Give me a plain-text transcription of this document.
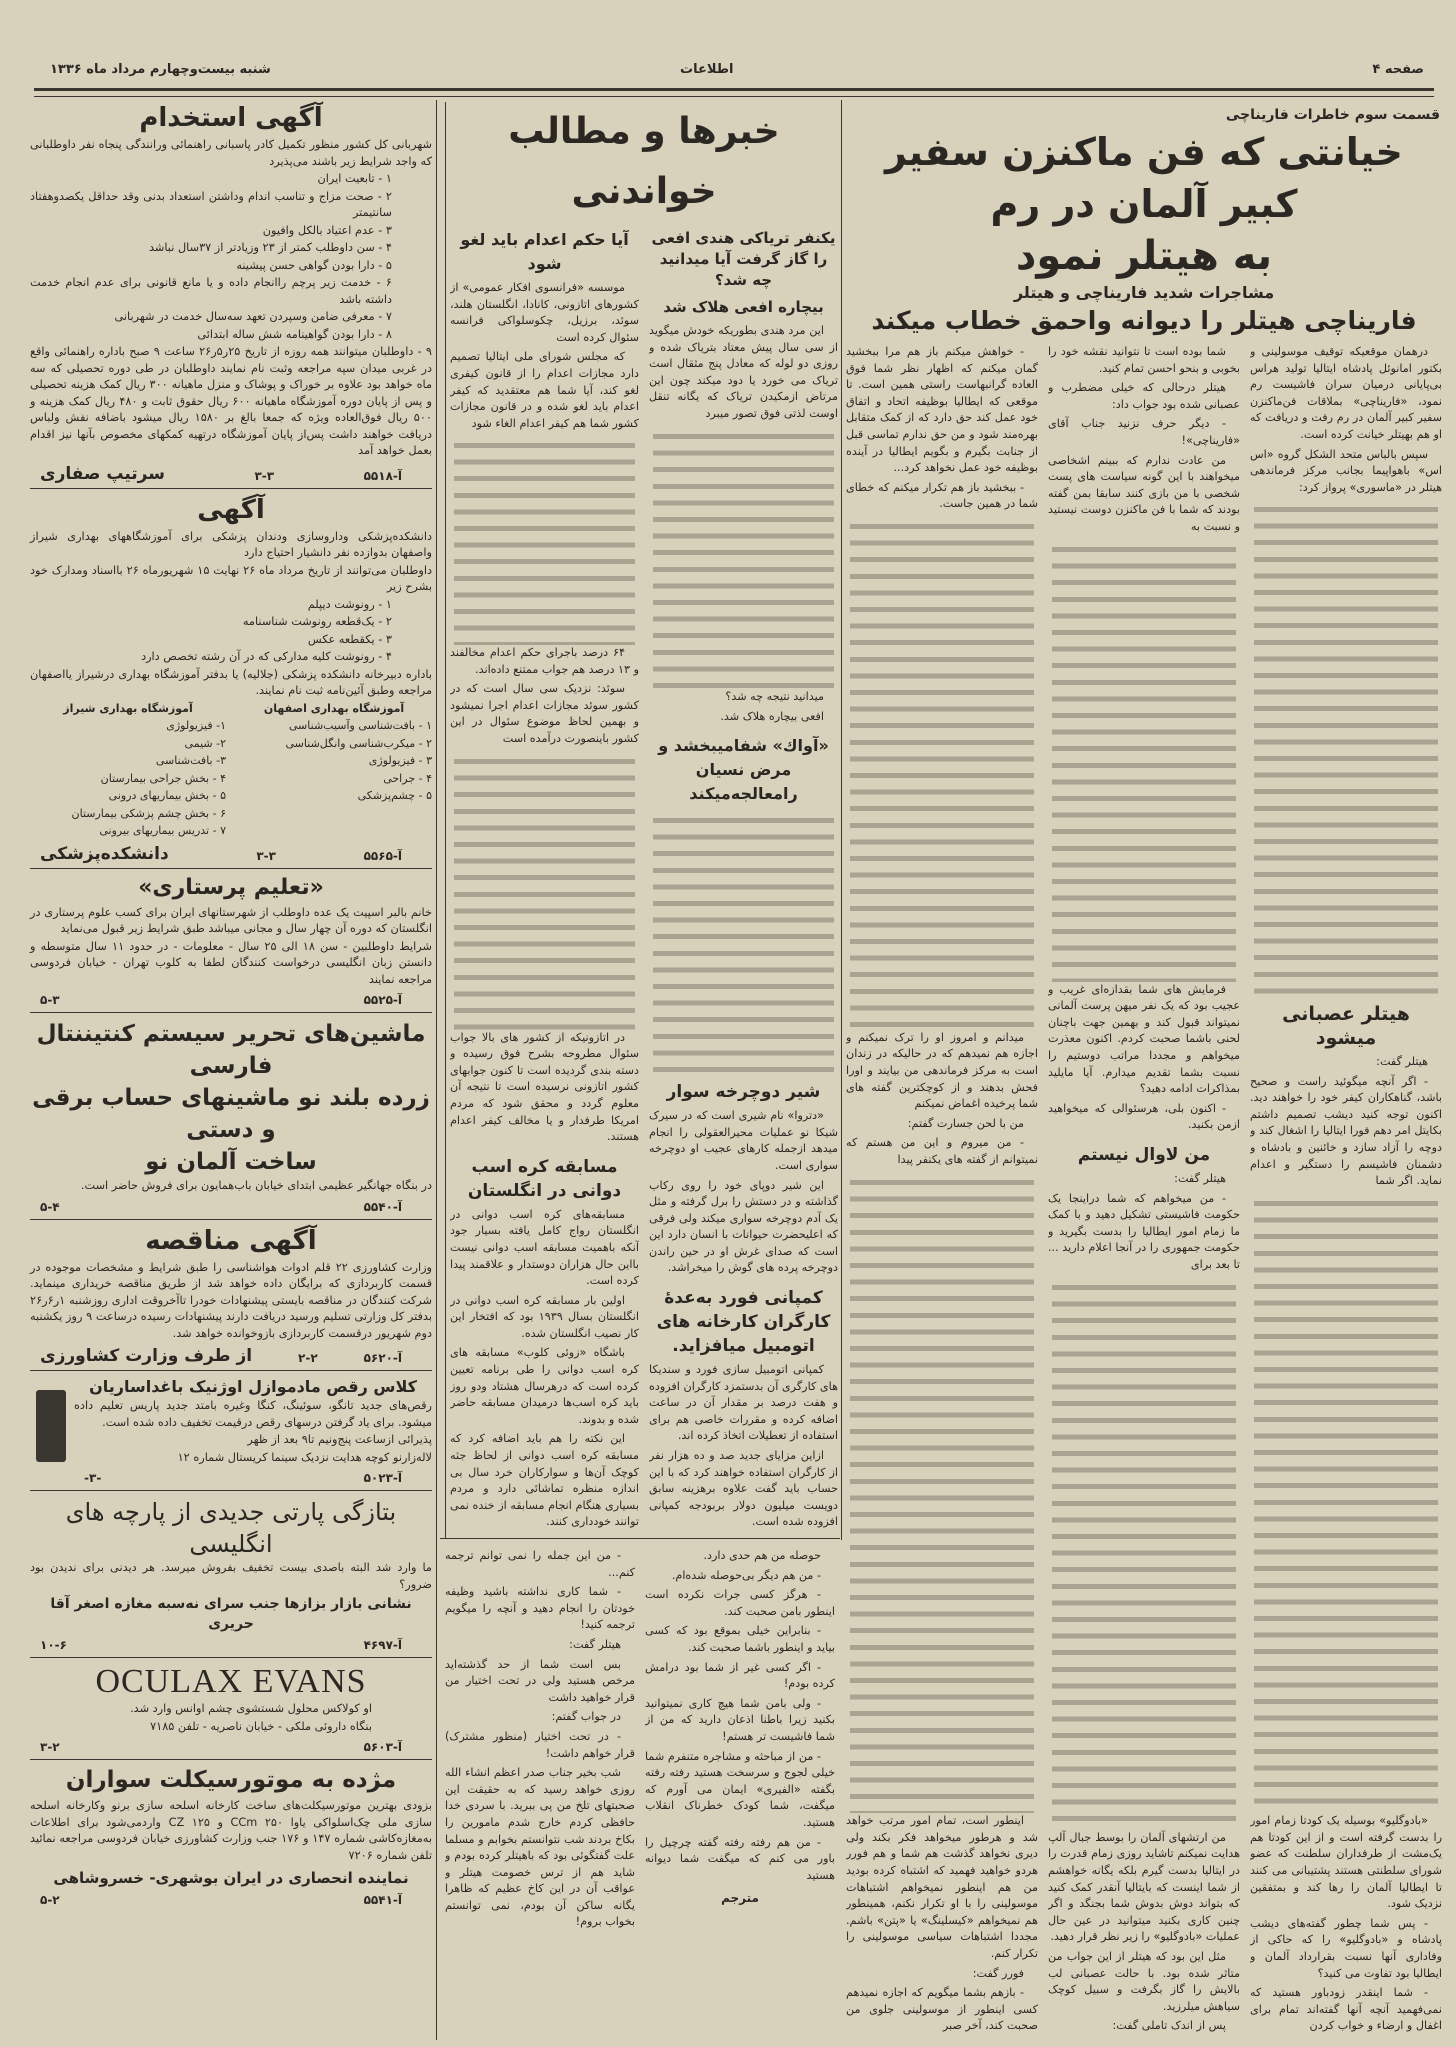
صفحه ۴
اطلاعات
شنبه بیست‌وچهارم مرداد ماه ۱۳۳۶
قسمت سوم خاطرات فاریناچی
خیانتی که فن ماکنزن سفیر کبیر آلمان در رم
به هیتلر نمود
مشاجرات شدید فاریناچی و هیتلر
فاریناچی هیتلر را دیوانه واحمق خطاب میکند

درهمان موقعیکه توقیف موسولینی و بکتور امانوئل پادشاه ایتالیا تولید هراس بی‌پایانی درمیان سران فاشیست رم نمود، «فاریناچی» بملاقات فن‌ماکنزن سفیر کبیر آلمان در رم رفت و دریافت که او هم بهیتلر خیانت کرده است.

سپس بالباس متحد الشکل گروه «اس اس» باهواپیما بجانب مرکز فرماندهی هیتلر در «ماسوری» پرواز کرد:

هیتلر عصبانی میشود

هیتلر گفت:

- اگر آنچه میگوئید راست و صحیح باشد، گناهکاران کیفر خود را خواهند دید. اکنون توجه کنید دیشب تصمیم داشتم بکایتل امر دهم فورا ایتالیا را اشغال کند و دوچه را آزاد سازد و خائنین و بادشاه و دشمنان فاشیسم را دستگیر و اعدام نماید. اگر شما

«بادوگلیو» بوسیله یک کودتا زمام امور را بدست گرفته است و از این کودتا هم یک‌مشت از طرفداران سلطنت که عضو شورای سلطنتی هستند پشتیبانی می کنند تا ایطالیا آلمان را رها کند و بمتفقین نزدیک شود.

- پس شما چطور گفته‌های دیشب پادشاه و «بادوگلیو» را که حاکی از وفاداری آنها نسبت بقرارداد آلمان و ایطالیا بود تفاوت می کنید؟

- شما اینقدر زودباور هستید که نمی‌فهمید آنچه آنها گفته‌اند تمام برای اغفال و ارضاء و خواب کردن

شما بوده است تا نتوانید نقشه خود را بخوبی و بنحو احسن تمام کنید.

هیتلر درحالی که خیلی مضطرب و عصبانی شده بود جواب داد:

- دیگر حرف نزنید جناب آقای «فاریناچی»!

من عادت ندارم که ببینم اشخاصی میخواهند با این گونه سیاست های پست شخصی با من بازی کنند سابقا بمن گفته بودند که شما با فن ماکنزن دوست نیستید و نسبت به

فرمایش های شما بقدازه‌ای غریب و عجیب بود که یک نفر میهن پرست آلمانی نمیتواند قبول کند و بهمین جهت باچنان لحنی باشما صحبت کردم. اکنون معذرت میخواهم و مجددا مراتب دوستیم را نسبت بشما تقدیم میدارم. آیا مایلید بمذاکرات ادامه دهید؟

- اکنون بلی، هرسئوالی که میخواهید ازمن بکنید.

من لاوال نیستم

هیتلر گفت:

- من میخواهم که شما دراینجا یک حکومت فاشیستی تشکیل دهید و با کمک ما زمام امور ایطالیا را بدست بگیرید و حکومت جمهوری را در آنجا اعلام دارید ... تا بعد برای

من ارتشهای آلمان را بوسط جبال آلپ هدایت نمیکنم تاشاید روزی زمام قدرت را در ایتالیا بدست گیرم بلکه یگانه خواهشم از شما اینست که بایتالیا آنقدر کمک کنید که بتواند دوش بدوش شما بجنگد و اگر چنین کاری بکنید میتوانید در عین حال عملیات «بادوگلیو» را زیر نظر قرار دهید.

مثل این بود که هیتلر از این جواب من متاثر شده بود. با حالت عصبانی لب بالایش را گاز بگرفت و سبیل کوچک سیاهش میلرزید.

پس از اندک تاملی گفت:

- خواهش میکنم باز هم مرا ببخشید گمان میکنم که اظهار نظر شما فوق العاده گرانبهاست راستی همین است. تا موقعی که ایطالیا بوظیفه اتحاد و اتفاق خود عمل کند حق دارد که از کمک متقابل بهره‌مند شود و من حق ندارم تماسی قبل از جنابت بگیرم و بگویم ایطالیا در آینده بوظیفه خود عمل نخواهد کرد...

- ببخشید باز هم تکرار میکنم که خطای شما در همین جاست.

میدانم و امروز او را ترک نمیکنم و اجازه هم نمیدهم که در حالیکه در زندان است به مرکز فرماندهی من بیایند و اورا فحش بدهند و از کوچکترین گفته های شما پرخیده اغماض نمیکنم

من با لحن جسارت گفتم:

- من میروم و این من هستم که نمیتوانم از گفته های یکنفر پیدا

اینطور است، تمام امور مرتب خواهد شد و هرطور میخواهد فکر بکند ولی دیری نخواهد گذشت هم شما و هم فورر هردو خواهید فهمید که اشتباه کرده بودید من هم اینطور نمیخواهم اشتباهات موسولینی را با او تکرار نکنم، همینطور هم نمیخواهم «کیسلینگ» یا «پتن» باشم. مجددا اشتباهات سیاسی موسولینی را تکرار کنم.

فورر گفت:

- بازهم بشما میگویم که اجازه نمیدهم کسی اینطور از موسولینی جلوی من صحبت کند، آخر صبر

حوصله من هم حدی دارد.

- من هم دیگر بی‌حوصله شده‌ام.

- هرگز کسی جرات نکرده است اینطور بامن صحبت کند.

- بنابراین خیلی بموقع بود که کسی بیاید و اینطور باشما صحبت کند.

- اگر کسی غیر از شما بود درامش کرده بودم!

- ولی بامن شما هیچ کاری نمیتوانید بکنید زیرا باطنا اذعان دارید که من از شما فاشیست تر هستم!

- من از مباحثه و مشاجره متنفرم شما خیلی لجوج و سرسخت هستید رفته رفته بگفته «الفیری» ایمان می آورم که میگفت، شما کودک خطرناک انقلاب هستید.

- من هم رفته رفته گفته چرچیل را باور می کنم که میگفت شما دیوانه هستید

مترجم

- من این جمله را نمی توانم ترجمه کنم...

- شما کاری نداشته باشید وظیفه خودتان را انجام دهید و آنچه را میگویم ترجمه کنید!

هیتلر گفت:

بس است شما از حد گذشته‌اید مرخص هستید ولی در تحت اختیار من قرار خواهید داشت

در جواب گفتم:

- در تحت اختیار (منظور مشترک) قرار خواهم داشت!

شب بخیر جناب صدر اعظم انشاء الله روزی خواهد رسید که به حقیقت این صحبتهای تلخ من پی ببرید. با سردی خدا حافظی کردم خارج شدم مامورین را بکاخ بردند شب نتوانستم بخوابم و مسلما علت گفتگوئی بود که باهیتلر کرده بودم و شاید هم از ترس خصومت هیتلر و عواقب آن در این کاخ عظیم که ظاهرا یگانه ساکن آن بودم، نمی توانستم بخواب بروم!

خبرها و مطالب خواندنی
یکنفر تریاکی هندی افعی را گاز گرفت آیا میدانید چه شد؟
بیچاره افعی هلاک شد

این مرد هندی بطوریکه خودش میگوید از سی سال پیش معتاد بتریاک شده و روزی دو لوله که معادل پنج مثقال است تریاک می خورد یا دود میکند چون این مرتاض ازمکیدن تریاک که یگانه تنقل اوست لذتی فوق تصور میبرد

میدانید نتیجه چه شد؟

افعی بیچاره هلاک شد.

«آواك» شفامیبخشد و مرض نسیان رامعالجه‌میکند
شیر دوچرخه سوار

«دتروا» نام شیری است که در سیرک شیکا نو عملیات محیرالعقولی را انجام میدهد ازجمله کارهای عجیب او دوچرخه سواری است.

این شیر دوپای خود را روی رکاب گذاشته و در دستش را برل گرفته و مثل یک آدم دوچرخه سواری میکند ولی فرقی که اعلیحضرت حیوانات با انسان دارد این است که صدای غرش او در حین راندن دوچرخه پرده های گوش را میخراشد.

کمپانی فورد به‌عدهٔ کارگران کارخانه های اتومبیل میافزاید.

کمپانی اتومبیل سازی فورد و سندیکا های کارگری آن بدستمزد کارگران افزوده و هفت درصد بر مقدار آن در ساعت اضافه کرده و مقررات خاصی هم برای استفاده از تعطیلات اتخاذ کرده اند.

ازاین مزایای جدید صد و ده هزار نفر از کارگران استفاده خواهند کرد که با این حساب باید گفت علاوه برهزینه سابق دویست میلیون دولار بربودجه کمپانی افزوده شده است.

آیا حکم اعدام باید لغو شود

موسسه «فرانسوی افکار عمومی» از کشورهای اتازونی، کانادا، انگلستان هلند، سوئد، برزیل، چکوسلواکی فرانسه سئوال کرده است

که مجلس شورای ملی ایتالیا تصمیم دارد مجازات اعدام را از قانون کیفری لغو کند، آیا شما هم معتقدید که کیفر اعدام باید لغو شده و در قانون مجازات کشور شما هم کیفر اعدام الغاء شود

۶۴ درصد باجرای حکم اعدام مخالفند و ۱۳ درصد هم جواب ممتنع داده‌اند.

سوئد: نزدیک سی سال است که در کشور سوئد مجازات اعدام اجرا نمیشود و بهمین لحاظ موضوع سئوال در این کشور باینصورت درآمده است

در اتازونیکه از کشور های بالا جواب سئوال مطروحه بشرح فوق رسیده و دسته بندی گردیده است تا کنون جوابهای کشور اتازونی نرسیده است تا نتیجه آن معلوم گردد و محقق شود که مردم امریکا طرفدار و یا مخالف کیفر اعدام هستند.

مسابقه کره اسب دوانی در انگلستان

مسابقه‌های کره اسب دوانی در انگلستان رواج کامل یافته بسیار جود آنکه باهمیت مسابقه اسب دوانی نیست بااین حال هزاران دوستدار و علاقمند پیدا کرده است.

اولین بار مسابقه کره اسب دوانی در انگلستان بسال ۱۹۳۹ بود که افتخار این کار نصیب انگلستان شده.

باشگاه «زوئی کلوب» مسابقه های کره اسب دوانی را طی برنامه تعیین کرده است که درهرسال هشتاد ودو روز باید کره اسب‌ها درمیدان مسابقه حاضر شده و بدوند.

این نکته را هم باید اضافه کرد که مسابقه کره اسب دوانی از لحاظ جثه کوچک آن‌ها و سوارکاران خرد سال بی اندازه منظره تماشائی دارد و مردم بسیاری هنگام انجام مسابقه از خنده نمی توانند خودداری کنند.

آگهی استخدام

شهربانی کل کشور منظور تکمیل کادر پاسبانی راهنمائی ورانندگی پنجاه نفر داوطلبانی که واجد شرایط زیر باشند می‌پذیرد

۱ - تابعیت ایران

۲ - صحت مزاج و تناسب اندام وداشتن استعداد بدنی وقد حداقل یکصدوهفتاد سانتیمتر

۳ - عدم اعتیاد بالکل وافیون

۴ - سن داوطلب کمتر از ۲۳ وزیادتر از ۳۷سال نباشد

۵ - دارا بودن گواهی حسن پیشینه

۶ - خدمت زیر پرچم راانجام داده و یا مانع قانونی برای عدم انجام خدمت داشته باشد

۷ - معرفی ضامن وسپردن تعهد سه‌سال خدمت در شهربانی

۸ - دارا بودن گواهینامه شش ساله ابتدائی

۹ - داوطلبان میتوانند همه روزه از تاریخ ۲۵ر۵ر۲۶ ساعت ۹ صبح باداره راهنمائی واقع در غربی میدان سپه مراجعه وثبت نام نمایند داوطلبان در طی دوره تحصیلی که سه ماه خواهد بود علاوه بر خوراک و پوشاک و منزل ماهیانه ۳۰۰ ریال کمک هزینه تحصیلی و پس از پایان دوره آموزشگاه ماهیانه ۶۰۰ ریال حقوق ثابت و ۴۸۰ ریال کمک هزینه و ۵۰۰ ریال فوق‌العاده ویژه که جمعا بالغ بر ۱۵۸۰ ریال میشود باضافه نفش ولباس دریافت خواهند داشت پس‌از پایان آموزشگاه درتهیه کمکهای مخصوص بآنها نیز اقدام بعمل خواهد آمد

آ-۵۵۱۸
۳-۳
سرتیپ صفاری
آگهی

دانشکده‌پزشکی وداروسازی ودندان پزشکی برای آموزشگاههای بهداری شیراز واصفهان بدوازده نفر دانشیار احتیاج دارد

داوطلبان می‌توانند از تاریخ مرداد ماه ۲۶ نهایت ۱۵ شهریورماه ۲۶ بااسناد ومدارک خود بشرح زیر

۱ - رونوشت دیپلم

۲ - یک‌قطعه رونوشت شناسنامه

۳ - یکقطعه عکس

۴ - رونوشت کلیه مدارکی که در آن رشته تخصص دارد

باداره دبیرخانه دانشکده پزشکی (جلالیه) یا بدفتر آموزشگاه بهداری درشیراز یااصفهان مراجعه وطبق آئین‌نامه ثبت نام نمایند.

آموزشگاه بهداری اصفهان

۱ - بافت‌شناسی وآسیب‌شناسی

۲ - میکرب‌شناسی وانگل‌شناسی

۳ - فیزیولوژی

۴ - جراحی

۵ - چشم‌پزشکی

آموزشگاه بهداری شیراز

۱- فیزیولوژی

۲- شیمی

۳- بافت‌شناسی

۴ - بخش جراحی بیمارستان

۵ - بخش بیماریهای درونی

۶ - بخش چشم پزشکی بیمارستان

۷ - تدریس بیماریهای بیرونی

آ-۵۵۶۵
۳-۳
دانشکده‌پزشکی
«تعلیم پرستاری»

خانم بالبر اسپیت یک عده داوطلب از شهرستانهای ایران برای کسب علوم پرستاری در انگلستان که دوره آن چهار سال و مجانی میباشد طبق شرایط زیر قبول می‌نماید

شرایط داوطلبین - سن ۱۸ الی ۲۵ سال - معلومات - در حدود ۱۱ سال متوسطه و دانستن زبان انگلیسی درخواست کنندگان لطفا به کلوب تهران - خیابان فردوسی مراجعه نمایند

آ-۵۵۲۵
۵-۳

ماشین‌های تحریر سیستم کنتیننتال فارسی

زرده بلند نو ماشینهای حساب برقی و دستی

ساخت آلمان نو

در بنگاه جهانگیر عظیمی ابتدای خیابان باب‌همایون برای فروش حاضر است.

آ-۵۵۴۰
۵-۴
آگهی مناقصه

وزارت کشاورزی ۲۲ قلم ادوات هواشناسی را طبق شرایط و مشخصات موجوده در قسمت کاربردازی که برایگان داده خواهد شد از طریق مناقصه خریداری مینماید. شرکت کنندگان در مناقصه بایستی پیشنهادات خودرا تاآخروقت اداری روزشنبه ۱ر۶ر۲۶ بدفتر کل وزارتی تسلیم ورسید دریافت دارند پیشنهادات رسیده درساعت ۹ روز یکشنبه دوم شهریور درقسمت کاربردازی بازوخوانده خواهد شد.

آ-۵۶۲۰
۲-۲
از طرف وزارت کشاورزی
کلاس رقص مادموازل اوژنیک باغداساریان

رقص‌های جدید تانگو، سوئینگ، کنگا وغیره بامتد جدید پاریس تعلیم داده میشود. برای یاد گرفتن درسهای رقص درقیمت تخفیف داده شده است.

پذیرائی ازساعت پنج‌ونیم تا۹ بعد از ظهر

لاله‌زارنو کوچه هدایت نزدیک سینما کریستال شماره ۱۲

آ-۵۰۲۳
-۳-
بتازگی پارتی جدیدی از پارچه های انگلیسی

ما وارد شد البته باصدی بیست تخفیف بفروش میرسد. هر دیدنی برای ندیدن بود ضرور؟

نشانی بازار بزازها جنب سرای نه‌سبه مغازه اصغر آقا حریری
آ-۴۶۹۷
۱۰-۶
OCULAX EVANS

او کولاکس محلول شستشوی چشم اوانس وارد شد.

بنگاه داروئی ملکی - خیابان ناصریه - تلفن ۷۱۸۵

آ-۵۶۰۳
۳-۲
مژده به موتورسیکلت سواران

بزودی بهترین موتورسیکلت‌های ساخت کارخانه اسلحه سازی برنو وکارخانه اسلحه سازی ملی چک‌اسلواکی یاوا ۲۵۰ CCm و ۱۲۵ CZ واردمی‌شود برای اطلاعات به‌مغازه‌کاشی شماره ۱۴۷ و ۱۷۶ جنب وزارت کشاورزی خیابان فردوسی مراجعه نمائید تلفن شماره ۷۲۰۶

نماینده انحصاری در ایران بوشهری- خسروشاهی
آ-۵۵۴۱
۵-۲
